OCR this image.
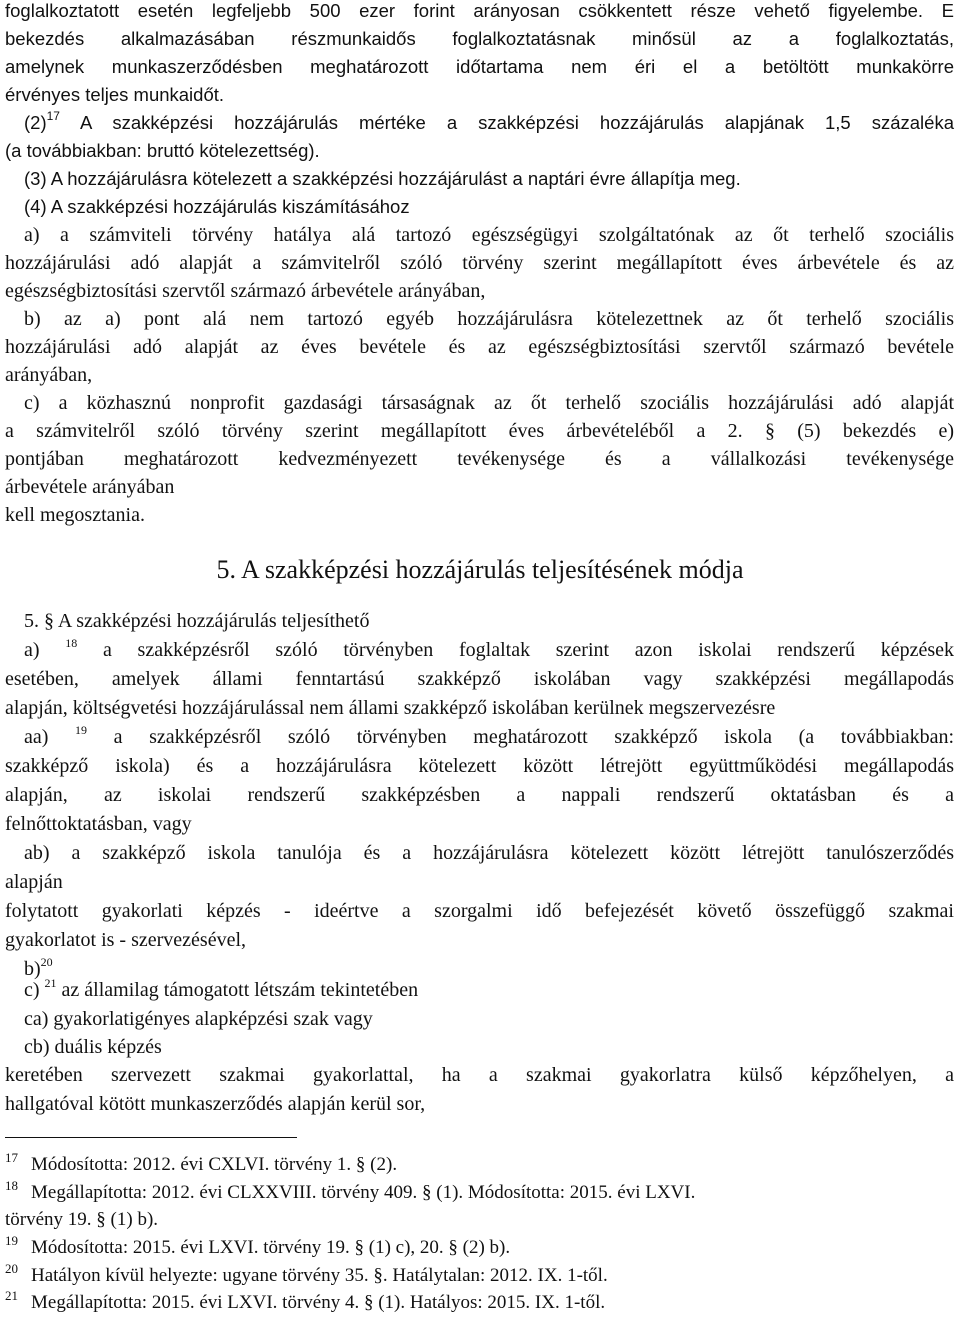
foglalkoztatott esetén legfeljebb 500 ezer forint arányosan csökkentett része vehető figyelembe. E
bekezdés alkalmazásában részmunkaidős foglalkoztatásnak minősül az a foglalkoztatás,
amelynek munkaszerződésben meghatározott időtartama nem éri el a betöltött munkakörre
érvényes teljes munkaidőt.
$(2)^{17}$ A szakképzési hozzájárulás mértéke a szakképzési hozzájárulás alapjának 1,5 százaléka
(a továbbiakban: bruttó kötelezettség).
(3) A hozzájárulásra kötelezett a szakképzési hozzájárulást a naptári évre állapítja meg.
(4) A szakképzési hozzájárulás kiszámításához
a) a számviteli törvény hatálya alá tartozó egészségügyi szolgáltatónak az őt terhelő szociális
hozzájárulási adó alapját a számvitelről szóló törvény szerint megállapított éves árbevétele és az
egészségbiztosítási szervtől származó árbevétele arányában,
b) az a) pont alá nem tartozó egyéb hozzájárulásra kötelezettnek az őt terhelő szociális
hozzájárulási adó alapját az éves bevétele és az egészségbiztosítási szervtől származó bevétele
arányában,
c) a közhasznú nonprofit gazdasági társaságnak az őt terhelő szociális hozzájárulási adó alapját
a számvitelről szóló törvény szerint megállapított éves árbevételéből a 2. § (5) bekezdés e)
pontjában meghatározott kedvezményezett tevékenysége és a vállalkozási tevékenysége
árbevétele arányában
kell megosztania.
5. A szakképzési hozzájárulás teljesítésének módja
5. § A szakképzési hozzájárulás teljesíthető
a) $^{18}$ a szakképzésről szóló törvényben foglaltak szerint azon iskolai rendszerű képzések
esetében, amelyek állami fenntartású szakképző iskolában vagy szakképzési megállapodás
alapján, költségvetési hozzájárulással nem állami szakképző iskolában kerülnek megszervezésre
aa) $^{19}$ a szakképzésről szóló törvényben meghatározott szakképző iskola (a továbbiakban:
szakképző iskola) és a hozzájárulásra kötelezett között létrejött együttműködési megállapodás
alapján, az iskolai rendszerű szakképzésben a nappali rendszerű oktatásban és a
felnőttoktatásban, vagy
ab) a szakképző iskola tanulója és a hozzájárulásra kötelezett között létrejött tanulószerződés
alapján
folytatott gyakorlati képzés - ideértve a szorgalmi idő befejezését követő összefüggő szakmai
gyakorlatot is - szervezésével,
b)$^{20}$
c) $^{21}$ az államilag támogatott létszám tekintetében
ca) gyakorlatigényes alapképzési szak vagy
cb) duális képzés
keretében szervezett szakmai gyakorlattal, ha a szakmai gyakorlatra külső képzőhelyen, a
hallgatóval kötött munkaszerződés alapján kerül sor,
17 Módosította: 2012. évi CXLVI. törvény 1. § (2).
18 Megállapította: 2012. évi CLXXVIII. törvény 409. § (1). Módosította: 2015. évi LXVI.
törvény 19. § (1) b).
19 Módosította: 2015. évi LXVI. törvény 19. § (1) c), 20. § (2) b).
20 Hatályon kívül helyezte: ugyane törvény 35. §. Hatálytalan: 2012. IX. 1-től.
21 Megállapította: 2015. évi LXVI. törvény 4. § (1). Hatályos: 2015. IX. 1-től.
